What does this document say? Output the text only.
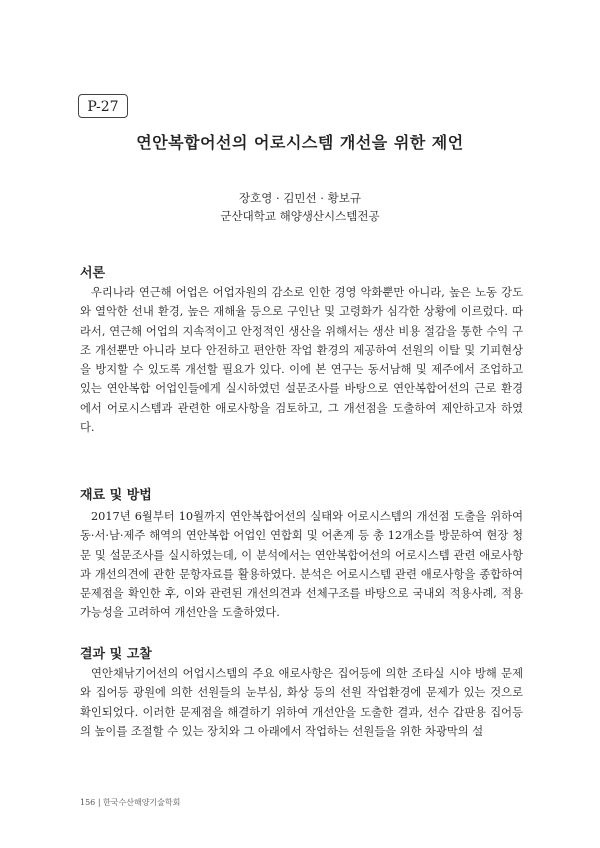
P-27
연안복합어선의 어로시스템 개선을 위한 제언
장호영 · 김민선 · 황보규
군산대학교 해양생산시스템전공
서론

우리나라 연근해 어업은 어업자원의 감소로 인한 경영 악화뿐만 아니라, 높은 노동 강도와 열악한 선내 환경, 높은 재해율 등으로 구인난 및 고령화가 심각한 상황에 이르렀다. 따라서, 연근해 어업의 지속적이고 안정적인 생산을 위해서는 생산 비용 절감을 통한 수익 구조 개선뿐만 아니라 보다 안전하고 편안한 작업 환경의 제공하여 선원의 이탈 및 기피현상을 방지할 수 있도록 개선할 필요가 있다. 이에 본 연구는 동서남해 및 제주에서 조업하고 있는 연안복합 어업인들에게 실시하였던 설문조사를 바탕으로 연안복합어선의 근로 환경에서 어로시스템과 관련한 애로사항을 검토하고, 그 개선점을 도출하여 제안하고자 하였다.

재료 및 방법

2017년 6월부터 10월까지 연안복합어선의 실태와 어로시스템의 개선점 도출을 위하여 동·서·남·제주 해역의 연안복합 어업인 연합회 및 어촌계 등 총 12개소를 방문하여 현장 청문 및 설문조사를 실시하였는데, 이 분석에서는 연안복합어선의 어로시스템 관련 애로사항과 개선의견에 관한 문항자료를 활용하였다. 분석은 어로시스템 관련 애로사항을 종합하여 문제점을 확인한 후, 이와 관련된 개선의견과 선체구조를 바탕으로 국내외 적용사례, 적용 가능성을 고려하여 개선안을 도출하였다.

결과 및 고찰

연안채낚기어선의 어업시스템의 주요 애로사항은 집어등에 의한 조타실 시야 방해 문제와 집어등 광원에 의한 선원들의 눈부심, 화상 등의 선원 작업환경에 문제가 있는 것으로 확인되었다. 이러한 문제점을 해결하기 위하여 개선안을 도출한 결과, 선수 갑판용 집어등의 높이를 조절할 수 있는 장치와 그 아래에서 작업하는 선원들을 위한 차광막의 설

156 | 한국수산해양기술학회
